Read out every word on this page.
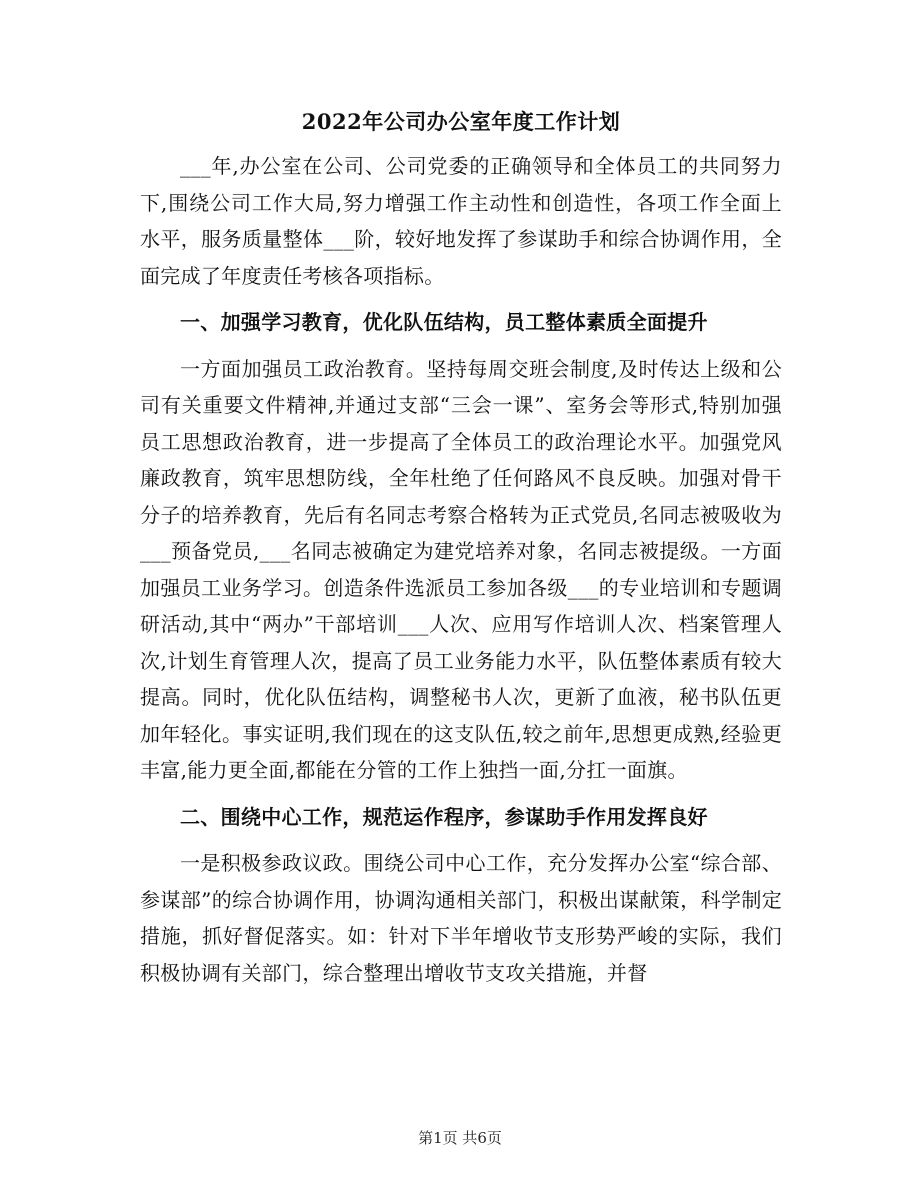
2022年公司办公室年度工作计划

___年,办公室在公司、公司党委的正确领导和全体员工的共同努力下,围绕公司工作大局,努力增强工作主动性和创造性，各项工作全面上水平，服务质量整体___阶，较好地发挥了参谋助手和综合协调作用，全面完成了年度责任考核各项指标。

一、加强学习教育，优化队伍结构，员工整体素质全面提升

一方面加强员工政治教育。坚持每周交班会制度,及时传达上级和公司有关重要文件精神,并通过支部“三会一课”、室务会等形式,特别加强员工思想政治教育，进一步提高了全体员工的政治理论水平。加强党风廉政教育，筑牢思想防线，全年杜绝了任何路风不良反映。加强对骨干分子的培养教育，先后有名同志考察合格转为正式党员,名同志被吸收为___预备党员,___名同志被确定为建党培养对象，名同志被提级。一方面加强员工业务学习。创造条件选派员工参加各级___的专业培训和专题调研活动,其中“两办”干部培训___人次、应用写作培训人次、档案管理人次,计划生育管理人次，提高了员工业务能力水平，队伍整体素质有较大提高。同时，优化队伍结构，调整秘书人次，更新了血液，秘书队伍更加年轻化。事实证明,我们现在的这支队伍,较之前年,思想更成熟,经验更丰富,能力更全面,都能在分管的工作上独挡一面,分扛一面旗。

二、围绕中心工作，规范运作程序，参谋助手作用发挥良好

一是积极参政议政。围绕公司中心工作，充分发挥办公室“综合部、参谋部”的综合协调作用，协调沟通相关部门，积极出谋献策，科学制定措施，抓好督促落实。如：针对下半年增收节支形势严峻的实际，我们积极协调有关部门，综合整理出增收节支攻关措施，并督

第1页 共6页
